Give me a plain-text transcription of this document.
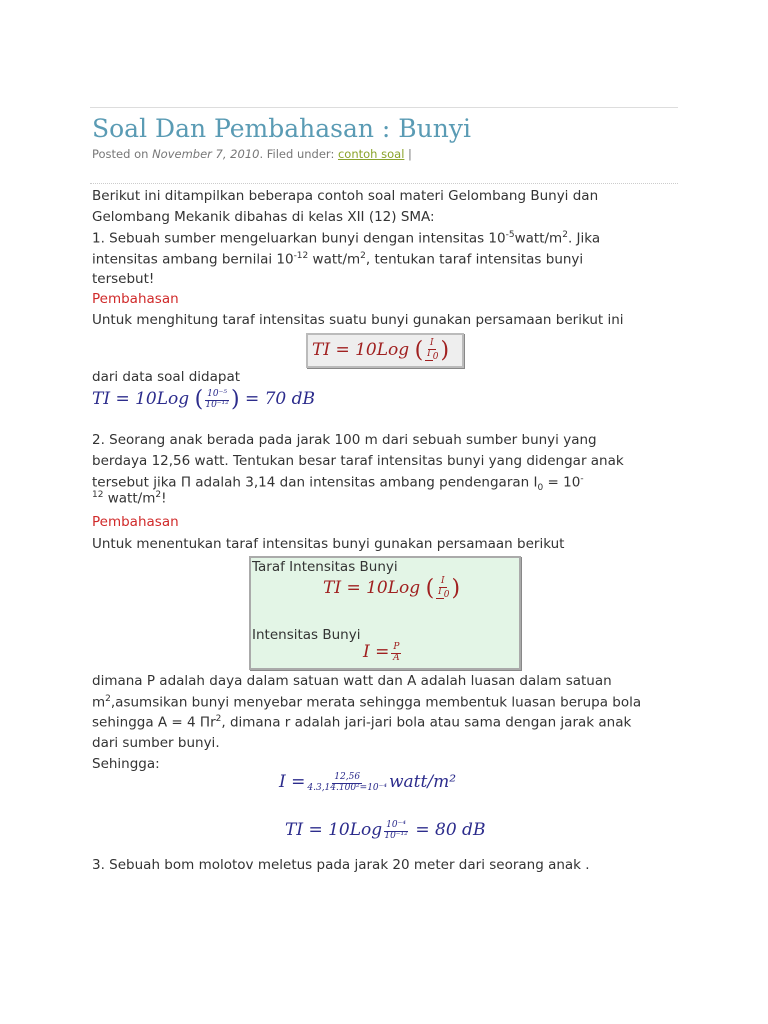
Soal Dan Pembahasan : Bunyi
Posted on November 7, 2010. Filed under: contoh soal |
Berikut ini ditampilkan beberapa contoh soal materi Gelombang Bunyi dan
Gelombang Mekanik dibahas di kelas XII (12) SMA:
1. Sebuah sumber mengeluarkan bunyi dengan intensitas $10^{-5}watt/m^2$. Jika
intensitas ambang bernilai $10^{-12}$ watt/$m^2$, tentukan taraf intensitas bunyi
tersebut!
Pembahasan
Untuk menghitung taraf intensitas suatu bunyi gunakan persamaan berikut ini
TI = 10Log ( $\frac{I}{I _0}$ )
dari data soal didapat
TI = 10Log ( $\frac{\text{10⁻⁵}}{\text{10⁻¹²}}$ ) = 70 dB
2. Seorang anak berada pada jarak 100 m dari sebuah sumber bunyi yang
berdaya 12,56 watt. Tentukan besar taraf intensitas bunyi yang didengar anak
tersebut jika Π adalah 3,14 dan intensitas ambang pendengaran $I_0 = 10^-$
$^{12}$ watt/$m^2$!
Pembahasan
Untuk menentukan taraf intensitas bunyi gunakan persamaan berikut
Taraf Intensitas Bunyi
TI = 10Log ( $\frac{I}{I _0}$ )
Intensitas Bunyi
$I = \frac{P}{A}$
dimana P adalah daya dalam satuan watt dan A adalah luasan dalam satuan
$m^2,asumsikan$ bunyi menyebar merata sehingga membentuk luasan berupa bola
sehingga A = 4 $\Pi r^2$, dimana r adalah jari-jari bola atau sama dengan jarak anak
dari sumber bunyi.
Sehingga:
$I = \frac{12,56}{\text{4.3,14.100²=10⁻⁴}}$ watt/m²
TI = $10Log \frac{\text{10⁻⁴}}{\text{10⁻¹²}} = 80$ dB
3. Sebuah bom molotov meletus pada jarak 20 meter dari seorang anak .
